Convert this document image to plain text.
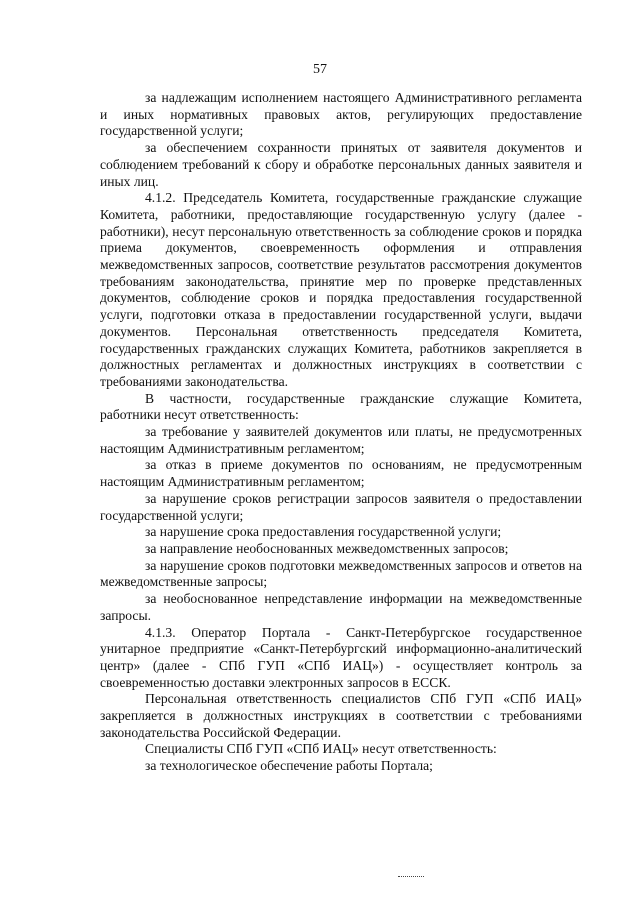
57

за надлежащим исполнением настоящего Административного регламента и иных нормативных правовых актов, регулирующих предоставление государственной услуги;

за обеспечением сохранности принятых от заявителя документов и соблюдением требований к сбору и обработке персональных данных заявителя и иных лиц.

4.1.2. Председатель Комитета, государственные гражданские служащие Комитета, работники, предоставляющие государственную услугу (далее - работники), несут персональную ответственность за соблюдение сроков и порядка приема документов, своевременность оформления и отправления межведомственных запросов, соответствие результатов рассмотрения документов требованиям законодательства, принятие мер по проверке представленных документов, соблюдение сроков и порядка предоставления государственной услуги, подготовки отказа в предоставлении государственной услуги, выдачи документов. Персональная ответственность председателя Комитета, государственных гражданских служащих Комитета, работников закрепляется в должностных регламентах и должностных инструкциях в соответствии с требованиями законодательства.

В частности, государственные гражданские служащие Комитета, работники несут ответственность:

за требование у заявителей документов или платы, не предусмотренных настоящим Административным регламентом;

за отказ в приеме документов по основаниям, не предусмотренным настоящим Административным регламентом;

за нарушение сроков регистрации запросов заявителя о предоставлении государственной услуги;

за нарушение срока предоставления государственной услуги;

за направление необоснованных межведомственных запросов;

за нарушение сроков подготовки межведомственных запросов и ответов на межведомственные запросы;

за необоснованное непредставление информации на межведомственные запросы.

4.1.3. Оператор Портала - Санкт-Петербургское государственное унитарное предприятие «Санкт-Петербургский информационно-аналитический центр» (далее - СПб ГУП «СПб ИАЦ») - осуществляет контроль за своевременностью доставки электронных запросов в ЕССК.

Персональная ответственность специалистов СПб ГУП «СПб ИАЦ» закрепляется в должностных инструкциях в соответствии с требованиями законодательства Российской Федерации.

Специалисты СПб ГУП «СПб ИАЦ» несут ответственность:

за технологическое обеспечение работы Портала;
